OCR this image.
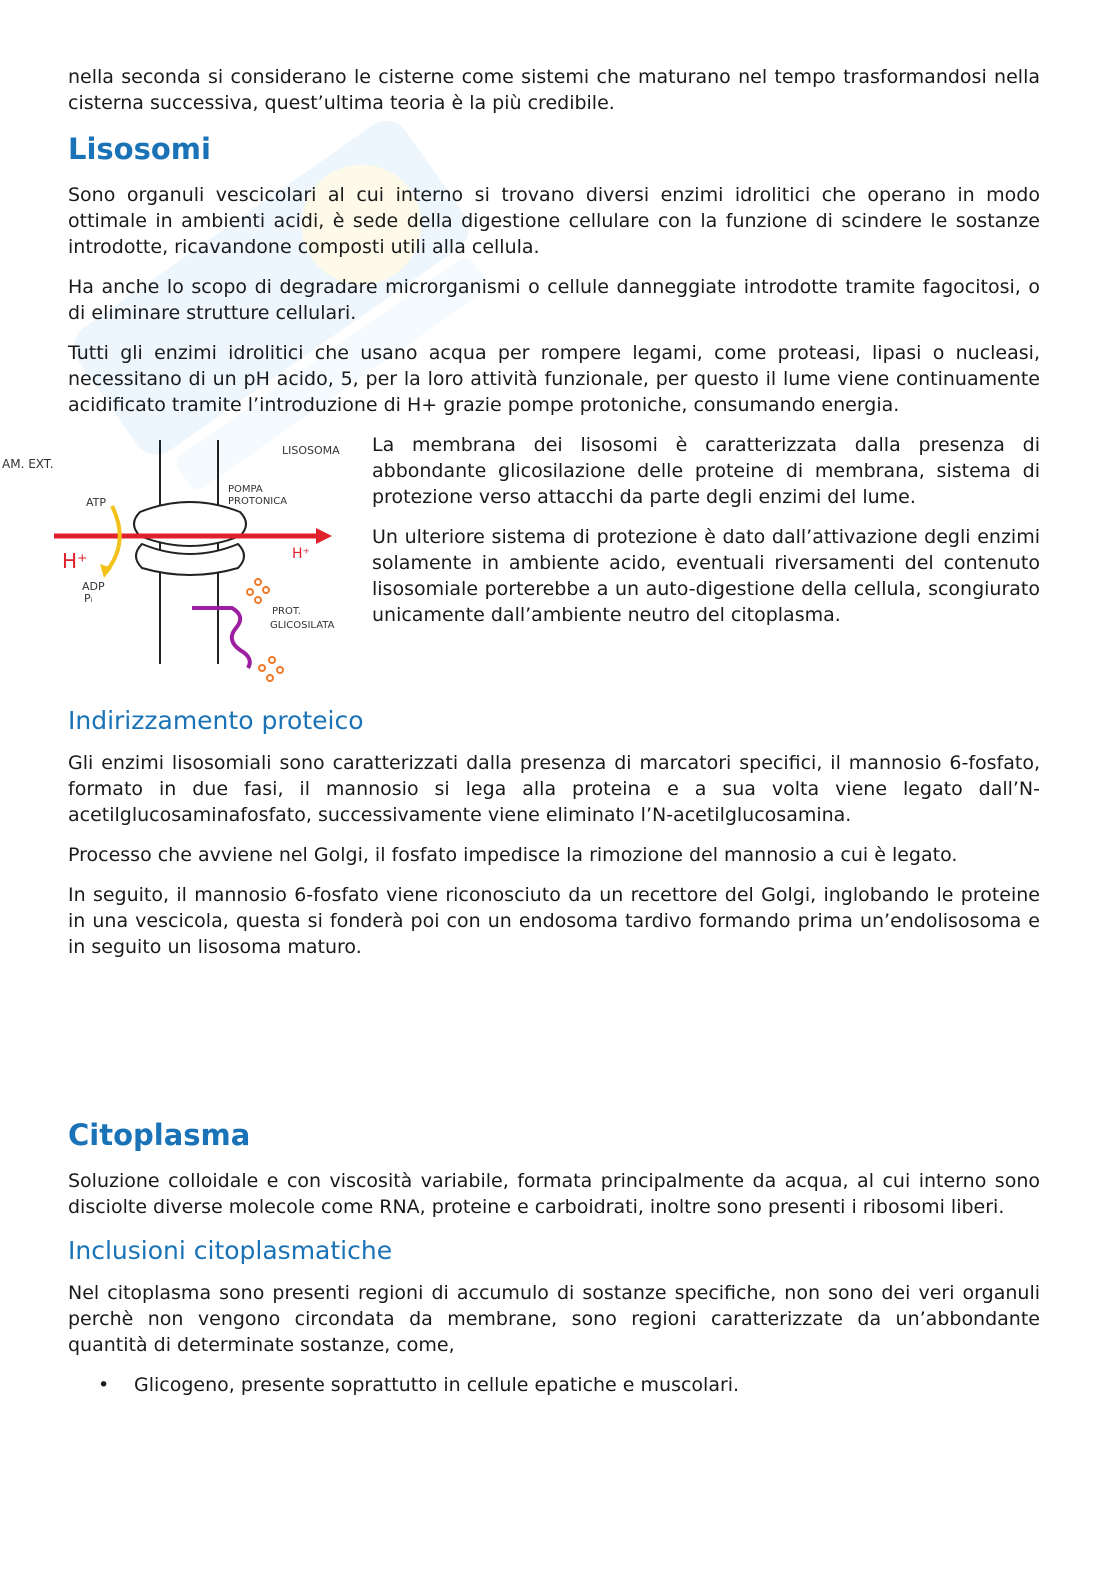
nella seconda si considerano le cisterne come sistemi che maturano nel tempo trasformandosi nella cisterna successiva, quest’ultima teoria è la più credibile.

Lisosomi

Sono organuli vescicolari al cui interno si trovano diversi enzimi idrolitici che operano in modo ottimale in ambienti acidi, è sede della digestione cellulare con la funzione di scindere le sostanze introdotte, ricavandone composti utili alla cellula.

Ha anche lo scopo di degradare microrganismi o cellule danneggiate introdotte tramite fagocitosi, o di eliminare strutture cellulari.

Tutti gli enzimi idrolitici che usano acqua per rompere legami, come proteasi, lipasi o nucleasi, necessitano di un pH acido, 5, per la loro attività funzionale, per questo il lume viene continuamente acidificato tramite l’introduzione di H+ grazie pompe protoniche, consumando energia.

AM. EXT.
LISOSOMA
POMPA
PROTONICA
ATP
ADP
Pᵢ
PROT.
GLICOSILATA
H⁺	H⁺

La membrana dei lisosomi è caratterizzata dalla presenza di abbondante glicosilazione delle proteine di membrana, sistema di protezione verso attacchi da parte degli enzimi del lume.

Un ulteriore sistema di protezione è dato dall’attivazione degli enzimi solamente in ambiente acido, eventuali riversamenti del contenuto lisosomiale porterebbe a un auto-digestione della cellula, scongiurato unicamente dall’ambiente neutro del citoplasma.

Indirizzamento proteico

Gli enzimi lisosomiali sono caratterizzati dalla presenza di marcatori specifici, il mannosio 6-fosfato, formato in due fasi, il mannosio si lega alla proteina e a sua volta viene legato dall’N-acetilglucosaminafosfato, successivamente viene eliminato l’N-acetilglucosamina.

Processo che avviene nel Golgi, il fosfato impedisce la rimozione del mannosio a cui è legato.

In seguito, il mannosio 6-fosfato viene riconosciuto da un recettore del Golgi, inglobando le proteine in una vescicola, questa si fonderà poi con un endosoma tardivo formando prima un’endolisosoma e in seguito un lisosoma maturo.

Citoplasma

Soluzione colloidale e con viscosità variabile, formata principalmente da acqua, al cui interno sono disciolte diverse molecole come RNA, proteine e carboidrati, inoltre sono presenti i ribosomi liberi.

Inclusioni citoplasmatiche

Nel citoplasma sono presenti regioni di accumulo di sostanze specifiche, non sono dei veri organuli perchè non vengono circondata da membrane, sono regioni caratterizzate da un’abbondante quantità di determinate sostanze, come,

• Glicogeno, presente soprattutto in cellule epatiche e muscolari.
